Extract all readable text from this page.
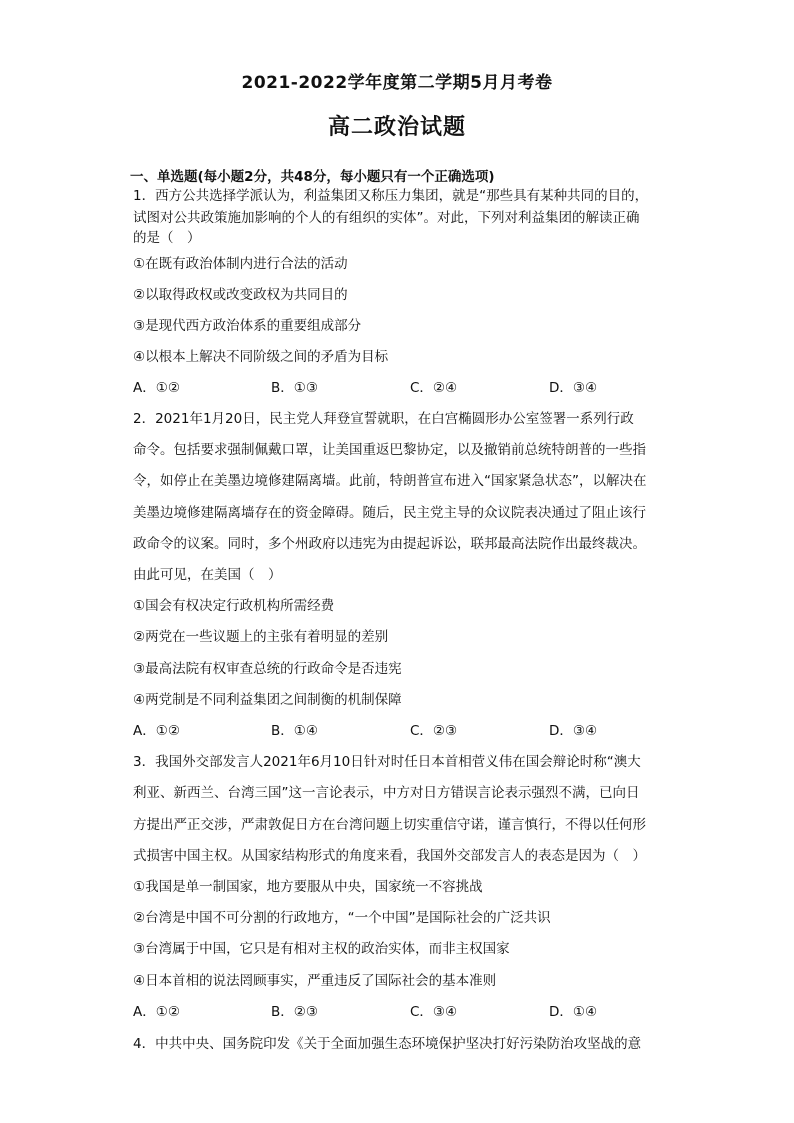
2021-2022学年度第二学期5月月考卷
高二政治试题
一、单选题(每小题2分，共48分，每小题只有一个正确选项)
1．西方公共选择学派认为，利益集团又称压力集团，就是“那些具有某种共同的目的，
试图对公共政策施加影响的个人的有组织的实体”。对此，下列对利益集团的解读正确
的是（　）
①在既有政治体制内进行合法的活动
②以取得政权或改变政权为共同目的
③是现代西方政治体系的重要组成部分
④以根本上解决不同阶级之间的矛盾为目标
A．①②	B．①③	C．②④	D．③④
2．2021年1月20日，民主党人拜登宣誓就职，在白宫椭圆形办公室签署一系列行政
命令。包括要求强制佩戴口罩，让美国重返巴黎协定，以及撤销前总统特朗普的一些指
令，如停止在美墨边境修建隔离墙。此前，特朗普宣布进入“国家紧急状态”，以解决在
美墨边境修建隔离墙存在的资金障碍。随后，民主党主导的众议院表决通过了阻止该行
政命令的议案。同时，多个州政府以违宪为由提起诉讼，联邦最高法院作出最终裁决。
由此可见，在美国（　）
①国会有权决定行政机构所需经费
②两党在一些议题上的主张有着明显的差别
③最高法院有权审查总统的行政命令是否违宪
④两党制是不同利益集团之间制衡的机制保障
A．①②	B．①④	C．②③	D．③④
3．我国外交部发言人2021年6月10日针对时任日本首相菅义伟在国会辩论时称“澳大
利亚、新西兰、台湾三国”这一言论表示，中方对日方错误言论表示强烈不满，已向日
方提出严正交涉，严肃敦促日方在台湾问题上切实重信守诺，谨言慎行，不得以任何形
式损害中国主权。从国家结构形式的角度来看，我国外交部发言人的表态是因为（　）
①我国是单一制国家，地方要服从中央，国家统一不容挑战
②台湾是中国不可分割的行政地方，“一个中国”是国际社会的广泛共识
③台湾属于中国，它只是有相对主权的政治实体，而非主权国家
④日本首相的说法罔顾事实，严重违反了国际社会的基本准则
A．①②	B．②③	C．③④	D．①④
4．中共中央、国务院印发《关于全面加强生态环境保护坚决打好污染防治攻坚战的意
